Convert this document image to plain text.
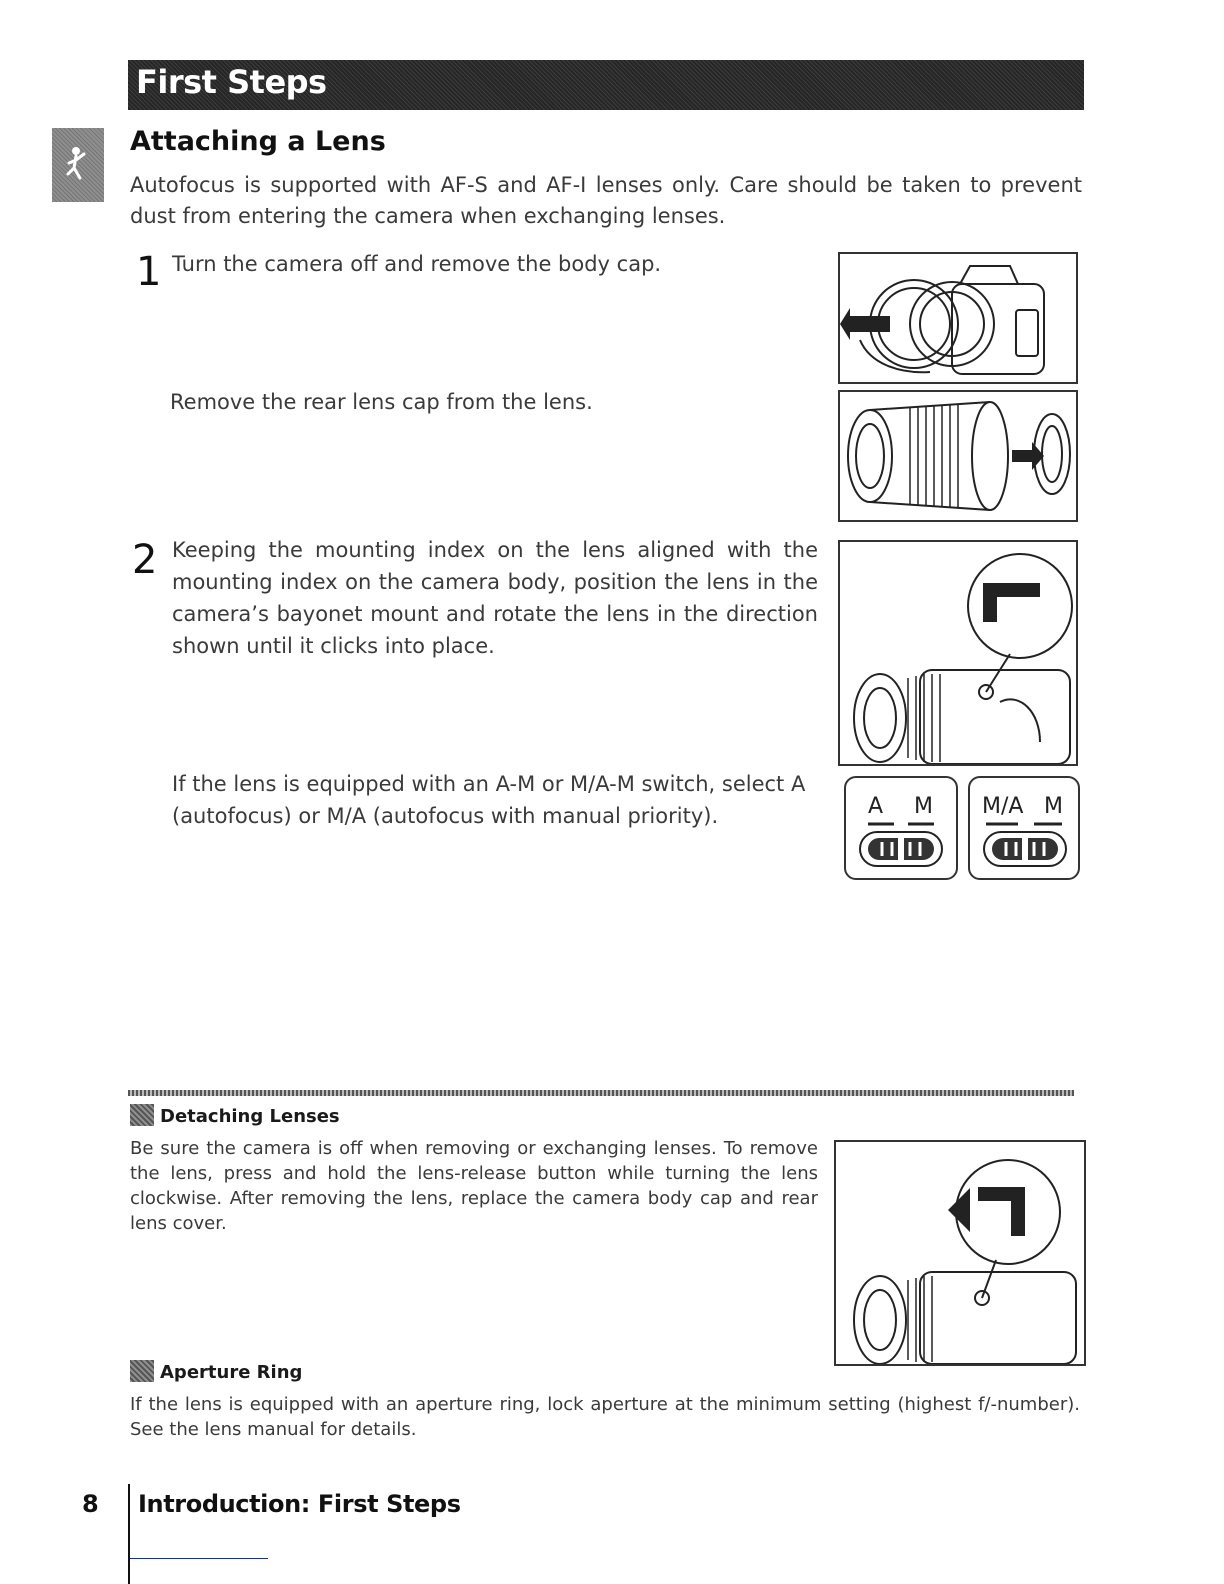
First Steps
Attaching a Lens
Autofocus is supported with AF-S and AF-I lenses only. Care should be taken to prevent dust from entering the camera when exchanging lenses.
1 Turn the camera off and remove the body cap.
Remove the rear lens cap from the lens.
2 Keeping the mounting index on the lens aligned with the mounting index on the camera body, position the lens in the camera’s bayonet mount and rotate the lens in the direction shown until it clicks into place.
If the lens is equipped with an A-M or M/A-M switch, select A (autofocus) or M/A (autofocus with manual priority).	A M M/A M
Detaching Lenses
Be sure the camera is off when removing or exchanging lenses. To remove the lens, press and hold the lens-release button while turning the lens clockwise. After removing the lens, replace the camera body cap and rear lens cover.
Aperture Ring
If the lens is equipped with an aperture ring, lock aperture at the minimum setting (highest f/-number). See the lens manual for details.
8 Introduction: First Steps
